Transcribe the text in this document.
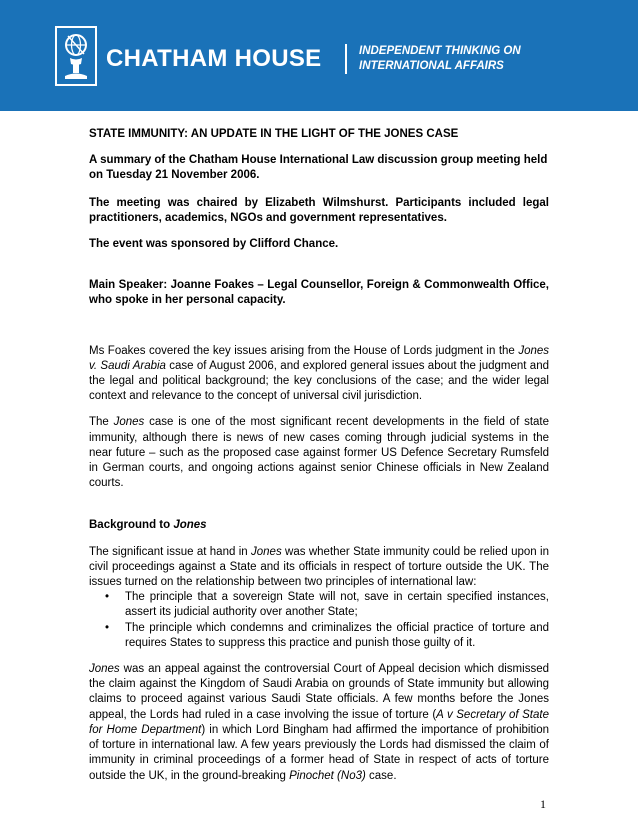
CHATHAM HOUSE	INDEPENDENT THINKING ON
INTERNATIONAL AFFAIRS

STATE IMMUNITY: AN UPDATE IN THE LIGHT OF THE JONES CASE

A summary of the Chatham House International Law discussion group meeting held on Tuesday 21 November 2006.

The meeting was chaired by Elizabeth Wilmshurst. Participants included legal practitioners, academics, NGOs and government representatives.

The event was sponsored by Clifford Chance.

Main Speaker: Joanne Foakes – Legal Counsellor, Foreign & Commonwealth Office, who spoke in her personal capacity.

Ms Foakes covered the key issues arising from the House of Lords judgment in the Jones v. Saudi Arabia case of August 2006, and explored general issues about the judgment and the legal and political background; the key conclusions of the case; and the wider legal context and relevance to the concept of universal civil jurisdiction.

The Jones case is one of the most significant recent developments in the field of state immunity, although there is news of new cases coming through judicial systems in the near future – such as the proposed case against former US Defence Secretary Rumsfeld in German courts, and ongoing actions against senior Chinese officials in New Zealand courts.

Background to Jones

The significant issue at hand in Jones was whether State immunity could be relied upon in civil proceedings against a State and its officials in respect of torture outside the UK. The issues turned on the relationship between two principles of international law:

• The principle that a sovereign State will not, save in certain specified instances, assert its judicial authority over another State;
• The principle which condemns and criminalizes the official practice of torture and requires States to suppress this practice and punish those guilty of it.

Jones was an appeal against the controversial Court of Appeal decision which dismissed the claim against the Kingdom of Saudi Arabia on grounds of State immunity but allowing claims to proceed against various Saudi State officials. A few months before the Jones appeal, the Lords had ruled in a case involving the issue of torture (A v Secretary of State for Home Department) in which Lord Bingham had affirmed the importance of prohibition of torture in international law. A few years previously the Lords had dismissed the claim of immunity in criminal proceedings of a former head of State in respect of acts of torture outside the UK, in the ground-breaking Pinochet (No3) case.

1
